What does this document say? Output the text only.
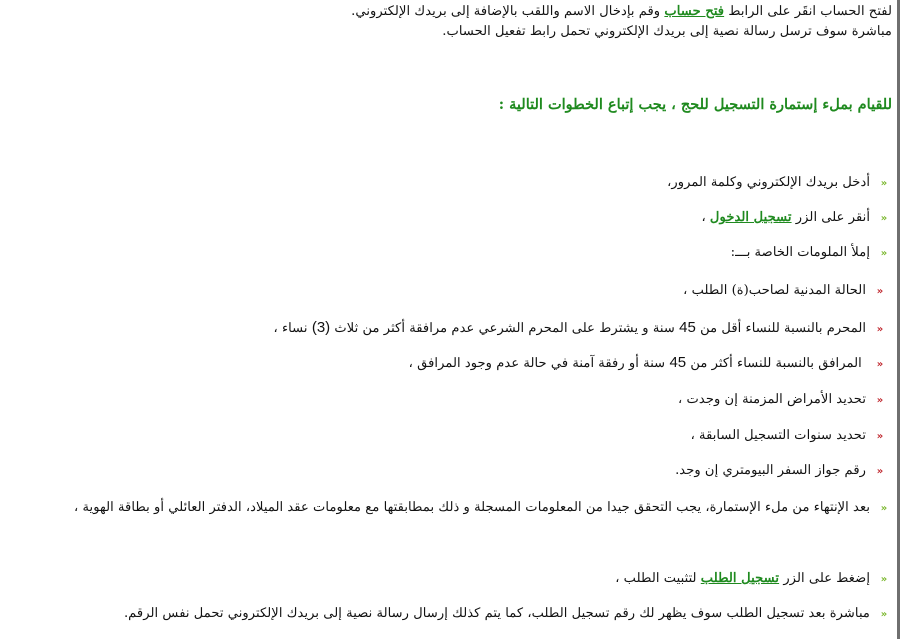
لفتح الحساب انقَر على الرابط فتح حساب وقم بإدخال الاسم واللقب بالإضافة إلى بريدك الإلكتروني.

مباشرة سوف ترسل رسالة نصية إلى بريدك الإلكتروني تحمل رابط تفعيل الحساب.

للقيام بملء إستمارة التسجيل للحج ، يجب إتباع الخطوات التالية :

«أدخل بريدك الإلكتروني وكلمة المرور،
«أنقر على الزر تسجيل الدخول ،
«إملأ الملومات الخاصة بـــ:
«الحالة المدنية لصاحب(ة) الطلب ،
«المحرم بالنسبة للنساء أقل من 45 سنة و يشترط على المحرم الشرعي عدم مرافقة أكثر من ثلاث (3) نساء ،
« المرافق بالنسبة للنساء أكثر من 45 سنة أو رفقة آمنة في حالة عدم وجود المرافق ،
«تحديد الأمراض المزمنة إن وجدت ،
«تحديد سنوات التسجيل السابقة ،
«رقم جواز السفر البيومتري إن وجد.
«بعد الإنتهاء من ملء الإستمارة، يجب التحقق جيدا من المعلومات المسجلة و ذلك بمطابقتها مع معلومات عقد الميلاد، الدفتر العائلي أو بطاقة الهوية ،
«إضغط على الزر تسجيل الطلب لتثبيت الطلب ،
«مباشرة بعد تسجيل الطلب سوف يظهر لك رقم تسجيل الطلب، كما يتم كذلك إرسال رسالة نصية إلى بريدك الإلكتروني تحمل نفس الرقم.
